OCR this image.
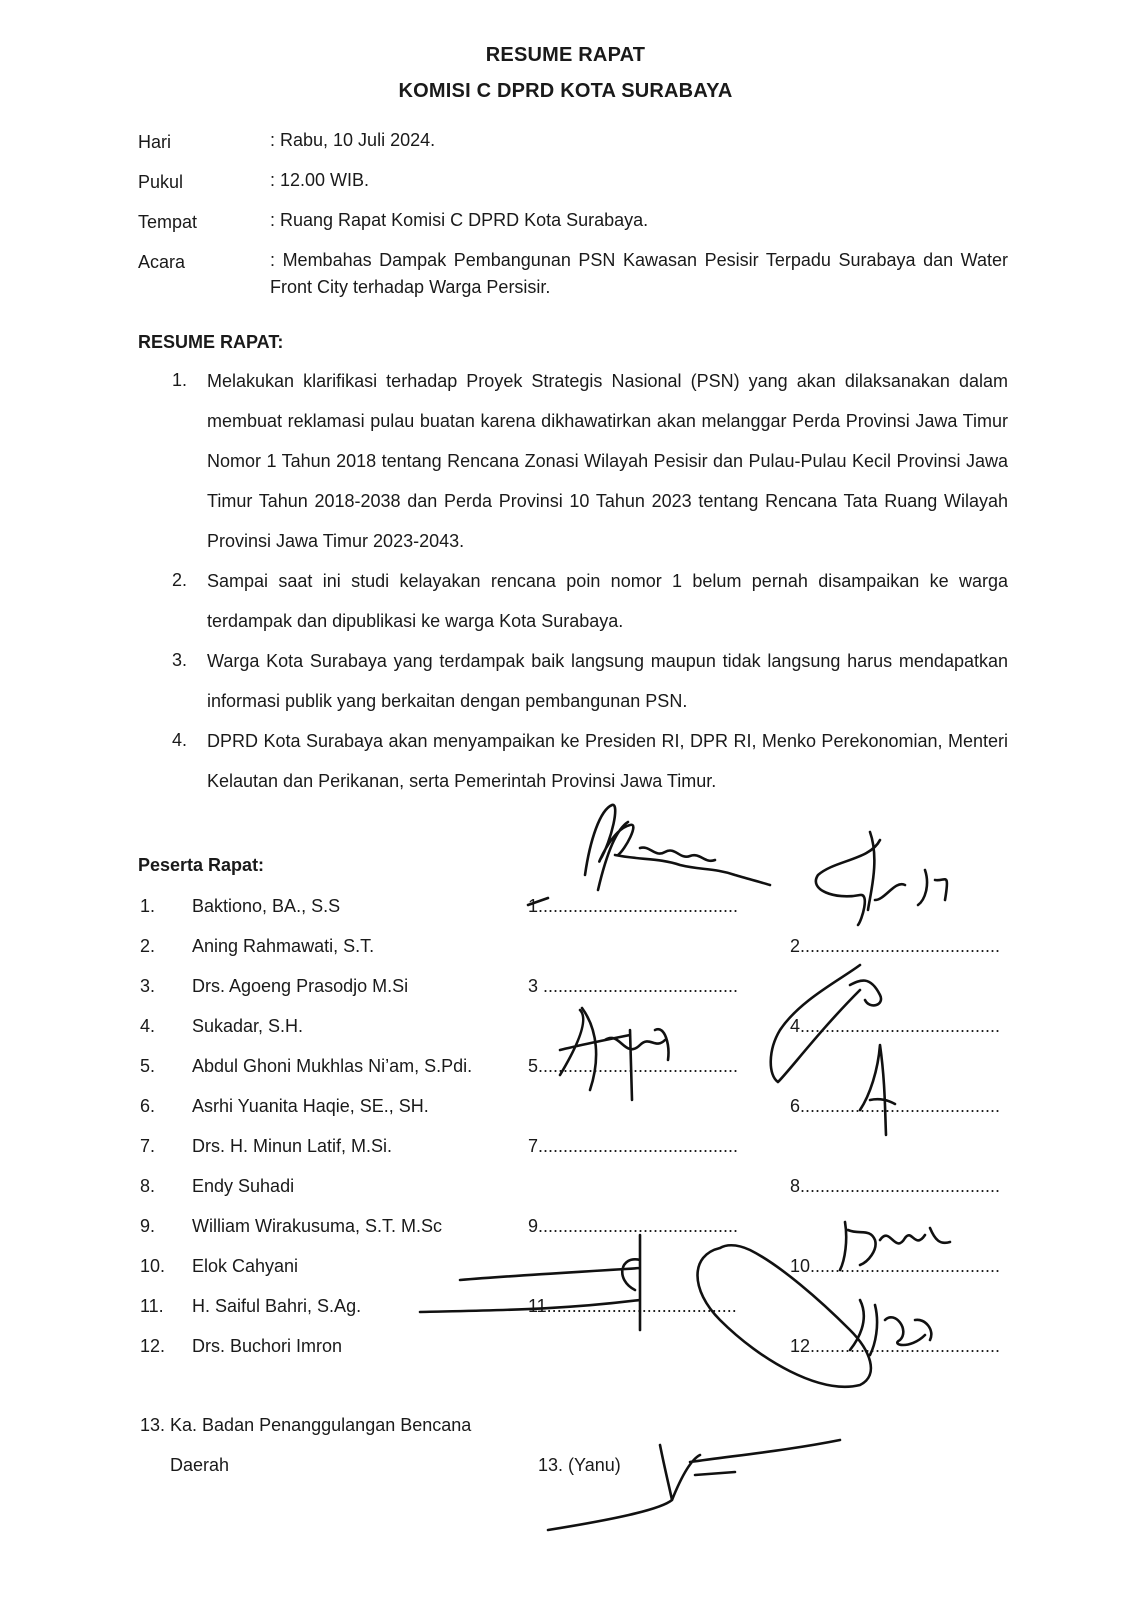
RESUME RAPAT
KOMISI C DPRD KOTA SURABAYA
Hari	: Rabu, 10 Juli 2024.
Pukul	: 12.00 WIB.
Tempat	: Ruang Rapat Komisi C DPRD Kota Surabaya.
Acara	: Membahas Dampak Pembangunan PSN Kawasan Pesisir Terpadu Surabaya dan Water Front City terhadap Warga Persisir.
RESUME RAPAT:
1. Melakukan klarifikasi terhadap Proyek Strategis Nasional (PSN) yang akan dilaksanakan dalam membuat reklamasi pulau buatan karena dikhawatirkan akan melanggar Perda Provinsi Jawa Timur Nomor 1 Tahun 2018 tentang Rencana Zonasi Wilayah Pesisir dan Pulau-Pulau Kecil Provinsi Jawa Timur Tahun 2018-2038 dan Perda Provinsi 10 Tahun 2023 tentang Rencana Tata Ruang Wilayah Provinsi Jawa Timur 2023-2043.
2. Sampai saat ini studi kelayakan rencana poin nomor 1 belum pernah disampaikan ke warga terdampak dan dipublikasi ke warga Kota Surabaya.
3. Warga Kota Surabaya yang terdampak baik langsung maupun tidak langsung harus mendapatkan informasi publik yang berkaitan dengan pembangunan PSN.
4. DPRD Kota Surabaya akan menyampaikan ke Presiden RI, DPR RI, Menko Perekonomian, Menteri Kelautan dan Perikanan, serta Pemerintah Provinsi Jawa Timur.
Peserta Rapat:
1. Baktiono, BA., S.S	1........................................
2. Aning Rahmawati, S.T.	2........................................
3. Drs. Agoeng Prasodjo M.Si	3 .......................................
4. Sukadar, S.H.	4........................................
5. Abdul Ghoni Mukhlas Ni’am, S.Pdi.	5........................................
6. Asrhi Yuanita Haqie, SE., SH.	6........................................
7. Drs. H. Minun Latif, M.Si.	7........................................
8. Endy Suhadi	8........................................
9. William Wirakusuma, S.T. M.Sc	9........................................
10. Elok Cahyani	10......................................
11. H. Saiful Bahri, S.Ag.	11......................................
12. Drs. Buchori Imron	12......................................
13. Ka. Badan Penanggulangan Bencana
Daerah	13. (Yanu)
